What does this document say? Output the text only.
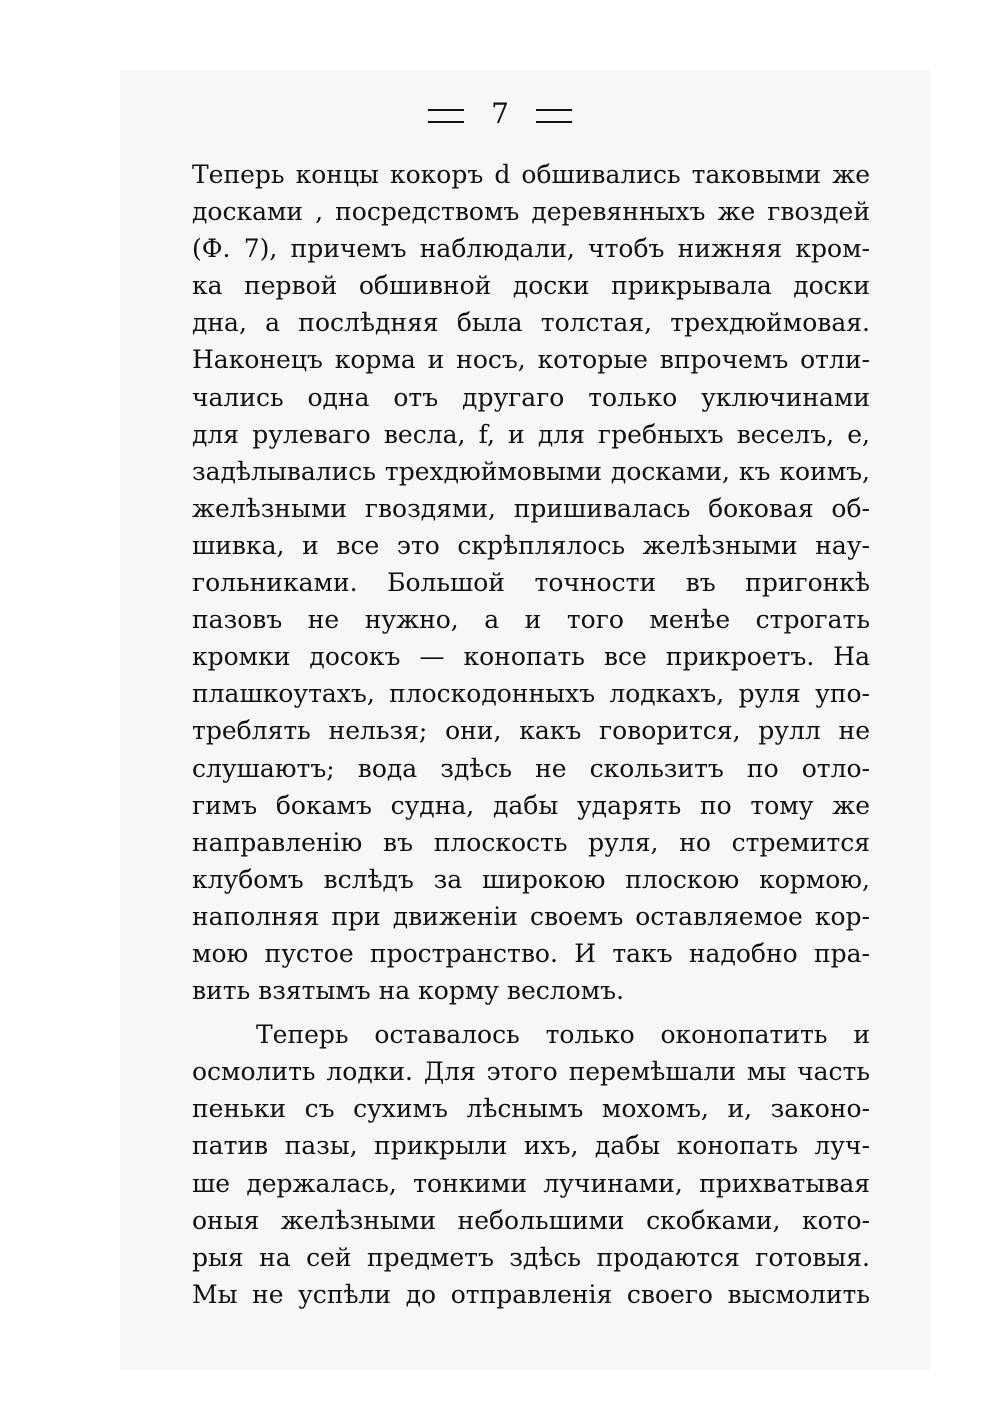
7
Теперь концы кокоръ d обшивались таковыми же
досками , посредствомъ деревянныхъ же гвоздей
(Ф. 7), причемъ наблюдали, чтобъ нижняя кром-
ка первой обшивной доски прикрывала доски
дна, а послѣдняя была толстая, трехдюймовая.
Наконецъ корма и носъ, которые впрочемъ отли-
чались одна отъ другаго только уключинами
для рулеваго весла, f, и для гребныхъ веселъ, e,
задѣлывались трехдюймовыми досками, къ коимъ,
желѣзными гвоздями, пришивалась боковая об-
шивка, и все это скрѣплялось желѣзными нау-
гольниками. Большой точности въ пригонкѣ
пазовъ не нужно, а и того менѣе строгать
кромки досокъ — конопать все прикроетъ. На
плашкоутахъ, плоскодонныхъ лодкахъ, руля упо-
треблять нельзя; они, какъ говорится, рулл не
слушаютъ; вода здѣсь не скользитъ по отло-
гимъ бокамъ судна, дабы ударять по тому же
направленію въ плоскость руля, но стремится
клубомъ вслѣдъ за широкою плоскою кормою,
наполняя при движеніи своемъ оставляемое кор-
мою пустое пространство. И такъ надобно пра-
вить взятымъ на корму весломъ.
Теперь оставалось только оконопатить и
осмолить лодки. Для этого перемѣшали мы часть
пеньки съ сухимъ лѣснымъ мохомъ, и, законо-
патив пазы, прикрыли ихъ, дабы конопать луч-
ше держалась, тонкими лучинами, прихватывая
оныя желѣзными небольшими скобками, кото-
рыя на сей предметъ здѣсь продаются готовыя.
Мы не успѣли до отправленія своего высмолить
